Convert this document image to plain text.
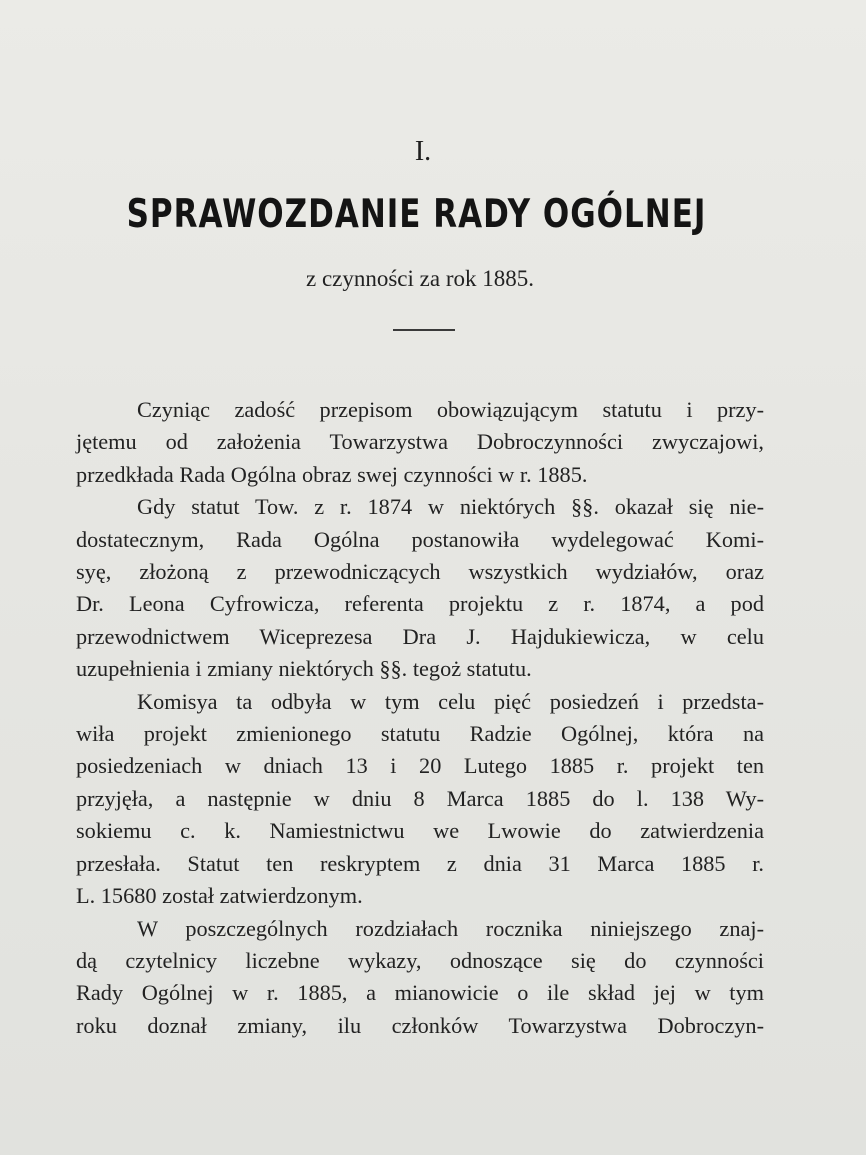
I.
SPRAWOZDANIE RADY OGÓLNEJ
z czynności za rok 1885.

Czyniąc zadość przepisom obowiązującym statutu i przy-
jętemu od założenia Towarzystwa Dobroczynności zwyczajowi,
przedkłada Rada Ogólna obraz swej czynności w r. 1885.

Gdy statut Tow. z r. 1874 w niektórych §§. okazał się nie-
dostatecznym, Rada Ogólna postanowiła wydelegować Komi-
syę, złożoną z przewodniczących wszystkich wydziałów, oraz
Dr. Leona Cyfrowicza, referenta projektu z r. 1874, a pod
przewodnictwem Wiceprezesa Dra J. Hajdukiewicza, w celu
uzupełnienia i zmiany niektórych §§. tegoż statutu.

Komisya ta odbyła w tym celu pięć posiedzeń i przedsta-
wiła projekt zmienionego statutu Radzie Ogólnej, która na
posiedzeniach w dniach 13 i 20 Lutego 1885 r. projekt ten
przyjęła, a następnie w dniu 8 Marca 1885 do l. 138 Wy-
sokiemu c. k. Namiestnictwu we Lwowie do zatwierdzenia
przesłała. Statut ten reskryptem z dnia 31 Marca 1885 r.
L. 15680 został zatwierdzonym.

W poszczególnych rozdziałach rocznika niniejszego znaj-
dą czytelnicy liczebne wykazy, odnoszące się do czynności
Rady Ogólnej w r. 1885, a mianowicie o ile skład jej w tym
roku doznał zmiany, ilu członków Towarzystwa Dobroczyn-
